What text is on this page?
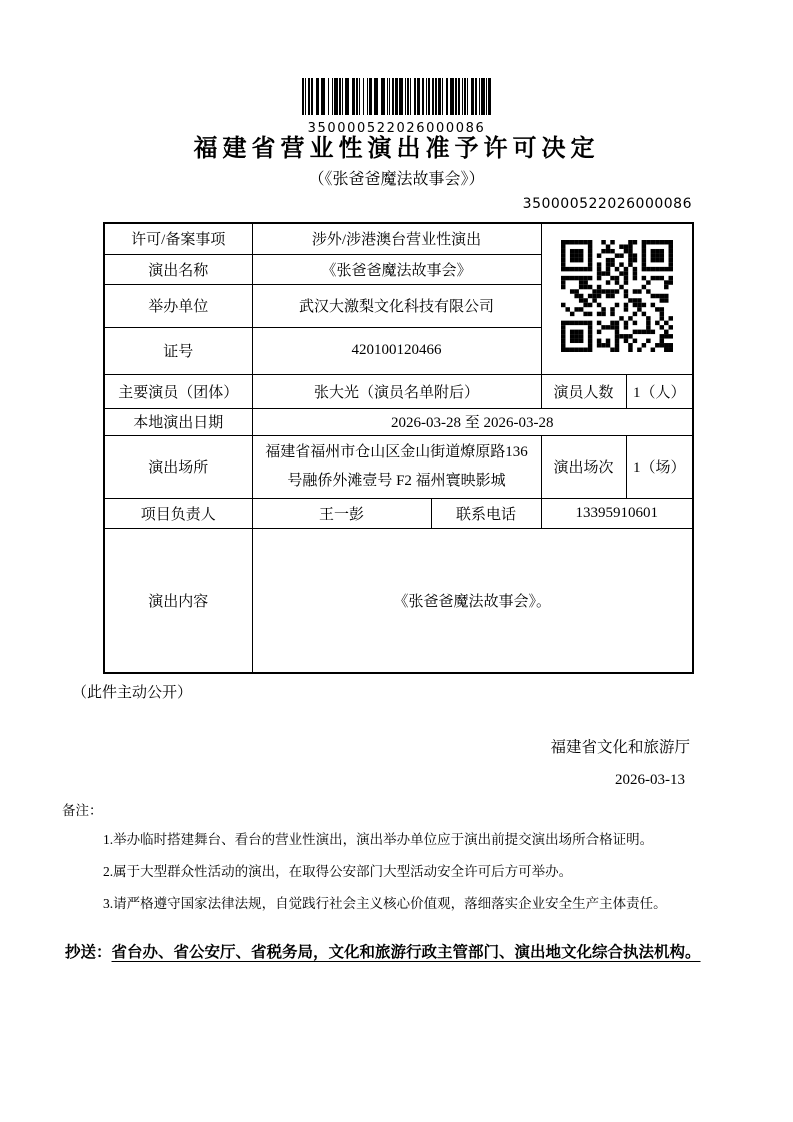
350000522026000086
福建省营业性演出准予许可决定
（《张爸爸魔法故事会》）
350000522026000086
许可/备案事项	涉外/涉港澳台营业性演出	

演出名称	《张爸爸魔法故事会》			
举办单位	武汉大激梨文化科技有限公司			
证号	420100120466			
主要演员（团体）	张大光（演员名单附后）		演员人数	1（人）
本地演出日期	2026-03-28 至 2026-03-28			
演出场所	福建省福州市仓山区金山街道燎原路136 号融侨外滩壹号 F2 福州寰映影城		演出场次	1（场）
项目负责人	王一彭	联系电话	13395910601	
演出内容	《张爸爸魔法故事会》。			
（此件主动公开）
福建省文化和旅游厅
2026-03-13
备注：
1.举办临时搭建舞台、看台的营业性演出，演出举办单位应于演出前提交演出场所合格证明。
2.属于大型群众性活动的演出，在取得公安部门大型活动安全许可后方可举办。
3.请严格遵守国家法律法规，自觉践行社会主义核心价值观，落细落实企业安全生产主体责任。
抄送：省台办、省公安厅、省税务局，文化和旅游行政主管部门、演出地文化综合执法机构。
